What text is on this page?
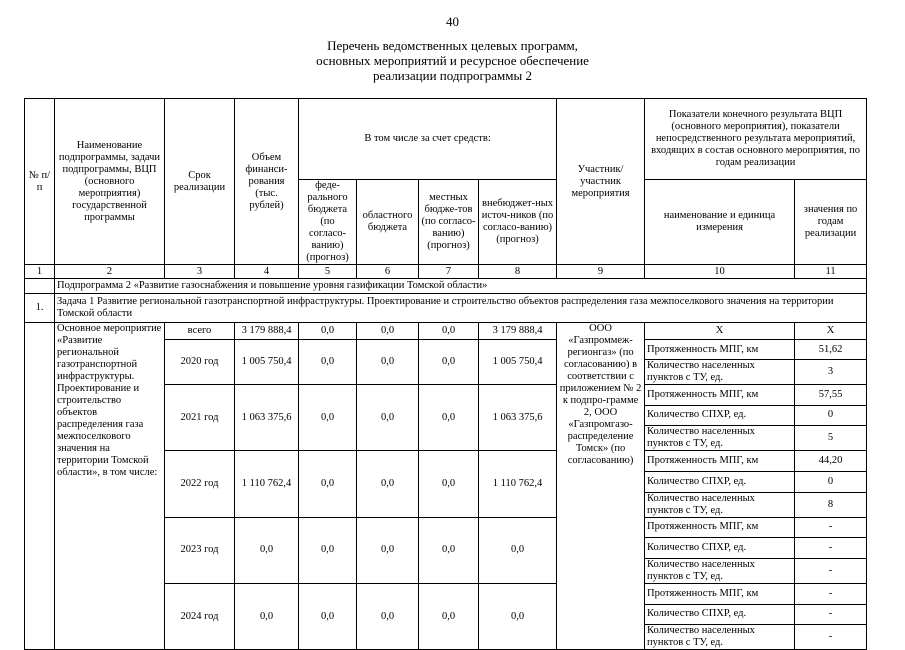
40
Перечень ведомственных целевых программ,
основных мероприятий и ресурсное обеспечение
реализации подпрограммы 2
№ п/п	Наименование подпрограммы, задачи подпрограммы, ВЦП (основного мероприятия) государственной программы	Срок реализации	Объем финанси-рования (тыс. рублей)	В том числе за счет средств:				Участник/ участник мероприятия	Показатели конечного результата ВЦП (основного мероприятия), показатели непосредственного результата мероприятий, входящих в состав основного мероприятия, по годам реализации	
				феде-рального бюджета (по согласо-ванию) (прогноз)	областного бюджета	местных бюдже-тов (по согласо-ванию) (прогноз)	внебюджет-ных источ-ников (по согласо-ванию) (прогноз)		наименование и единица измерения	значения по годам реализации
1	2	3	4	5	6	7	8	9	10	11
	Подпрограмма 2 «Развитие газоснабжения и повышение уровня газификации Томской области»									
1.	Задача 1 Развитие региональной газотранспортной инфраструктуры. Проектирование и строительство объектов распределения газа межпоселкового значения на территории Томской области									
	Основное мероприятие «Развитие региональной газотранспортной инфраструктуры. Проектирование и строительство объектов распределения газа межпоселкового значения на территории Томской области», в том числе:	всего	3 179 888,4	0,0	0,0	0,0	3 179 888,4	ООО «Газпроммеж-регионгаз» (по согласованию) в соответствии с приложением № 2 к подпро-грамме 2, ООО «Газпромгазо-распределение Томск» (по согласованию)	Х	Х
		2020 год	1 005 750,4	0,0	0,0	0,0	1 005 750,4		Протяженность МПГ, км	51,62
									Количество населенных пунктов с ТУ, ед.	3
		2021 год	1 063 375,6	0,0	0,0	0,0	1 063 375,6		Протяженность МПГ, км	57,55
									Количество СПХР, ед.	0
									Количество населенных пунктов с ТУ, ед.	5
		2022 год	1 110 762,4	0,0	0,0	0,0	1 110 762,4		Протяженность МПГ, км	44,20
									Количество СПХР, ед.	0
									Количество населенных пунктов с ТУ, ед.	8
		2023 год	0,0	0,0	0,0	0,0	0,0		Протяженность МПГ, км	-
									Количество СПХР, ед.	-
									Количество населенных пунктов с ТУ, ед.	-
		2024 год	0,0	0,0	0,0	0,0	0,0		Протяженность МПГ, км	-
									Количество СПХР, ед.	-
									Количество населенных пунктов с ТУ, ед.	-
